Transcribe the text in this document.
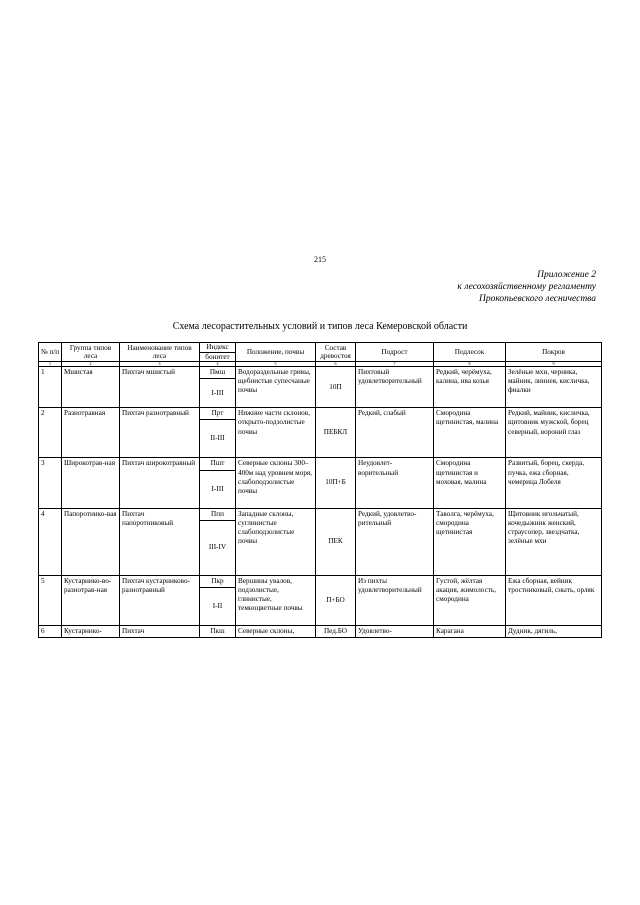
215
Приложение 2
к лесохозяйственному регламенту
Прокопьевского лесничества
Схема лесорастительных условий и типов леса Кемеровской области
№ п/п	Группа типов леса	Наименование типов леса	Индекс	Положение, почвы	Состав древостоя	Подрост	Подлесок	Покров
			бонитет					
1	2	3	4	5	6	7	8	9
1	Мшистая	Пихтач мшистый	Пмш	Водораздельные гривы, щебнистые супесчаные почвы	10П	Пихтовый удовлетворительный	Редкий, черёмуха, калина, ива козья	Зелёные мхи, черника, майник, линнея, кисличка, фиалки
			I-III					
2	Разнотравная	Пихтач разнотравный	Прт	Нижние части склонов, открыто-подзолистые почвы	ПЕБКЛ	Редкий, слабый	Смородина щетинистая, малина	Редкий, майник, кисличка, щитовник мужской, борец северный, вороний глаз
			II-III					
3	Широкотрав-ная	Пихтач широкотравный	Пшт	Северные склоны 300–400м над уровнем моря, слабоподзолистые почвы	10П+Б	Неудовлет-ворительный	Смородина щетинистая и моховая, малина	Развитый, борец, скерда, пучка, ежа сборная, чемерица Лобеля
			I-III					
4	Папоротнико-вая	Пихтач папоротниковый	Ппп	Западные склоны, суглинистые слабоподзолистые почвы	ПЕК	Редкий, удовлетво-рительный	Таволга, черёмуха, смородина щетинистая	Щитовник игольчатый, кочедыжник женский, страусопер, звездчатка, зелёные мхи
			III-IV					
5	Кустарнико-во-разнотрав-ная	Пихтач кустарниково-разнотравный	Пкр	Вершины увалов, подзолистые, глинистые, темноцветные почвы	П+БО	Из пихты удовлетворительный	Густой, жёлтая акация, жимолость, смородина	Ежа сборная, вейник тростниковый, сныть, орляк
			I-II					
6	Кустарнико-	Пихтач	Пкш	Северные склоны,	Пед.БО	Удовлетво-	Карагана	Дудник, дягиль,
